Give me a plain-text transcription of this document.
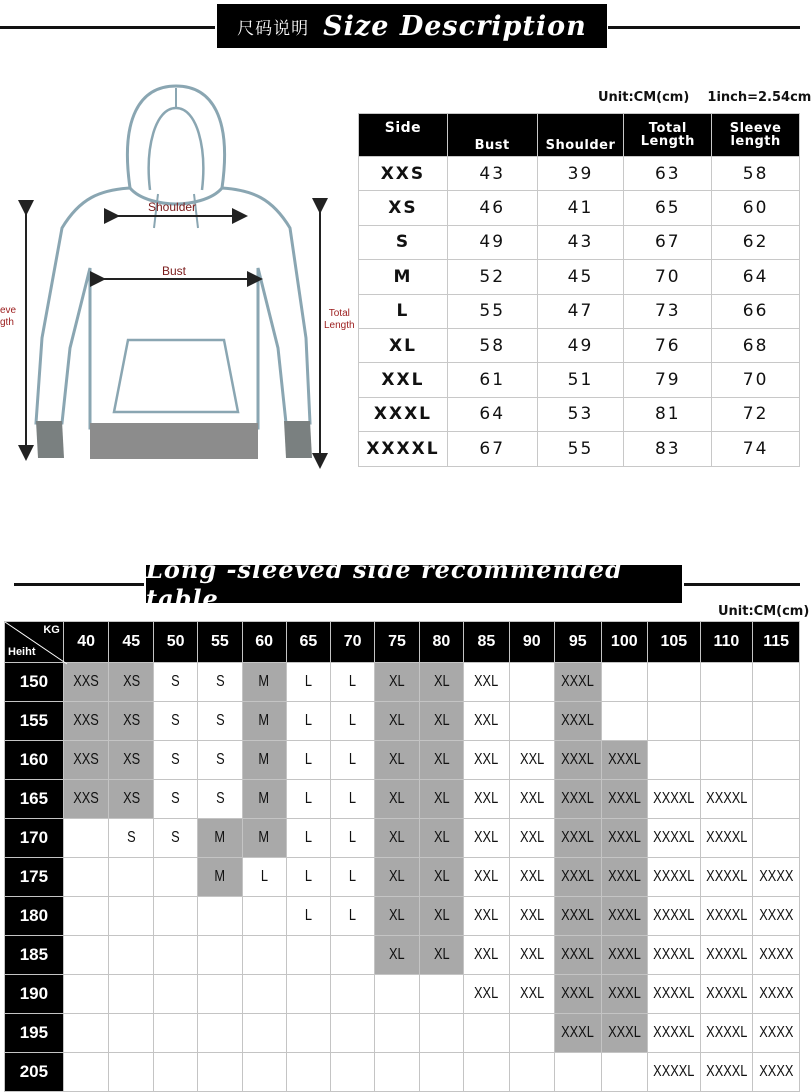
尺码说明 Size Description
Shoulder
Bust
eve
gth
Total
Length
Unit:CM(cm)    1inch=2.54cm
Side	Bust	Shoulder	Total Length	Sleeve length
XXS	43	39	63	58
XS	46	41	65	60
S	49	43	67	62
M	52	45	70	64
L	55	47	73	66
XL	58	49	76	68
XXL	61	51	79	70
XXXL	64	53	81	72
XXXXL	67	55	83	74
Long -sleeved side recommended table	Unit:CM(cm)
KG
Heiht	40	45	50	55	60	65	70	75	80	85	90	95	100	105	110	115
150	XXS	XS	S	S	M	L	L	XL	XL	XXL		XXXL				
155	XXS	XS	S	S	M	L	L	XL	XL	XXL		XXXL				
160	XXS	XS	S	S	M	L	L	XL	XL	XXL	XXL	XXXL	XXXL			
165	XXS	XS	S	S	M	L	L	XL	XL	XXL	XXL	XXXL	XXXL	XXXXL	XXXXL	
170		S	S	M	M	L	L	XL	XL	XXL	XXL	XXXL	XXXL	XXXXL	XXXXL	
175				M	L	L	L	XL	XL	XXL	XXL	XXXL	XXXL	XXXXL	XXXXL	XXXX
180						L	L	XL	XL	XXL	XXL	XXXL	XXXL	XXXXL	XXXXL	XXXX
185								XL	XL	XXL	XXL	XXXL	XXXL	XXXXL	XXXXL	XXXX
190										XXL	XXL	XXXL	XXXL	XXXXL	XXXXL	XXXX
195												XXXL	XXXL	XXXXL	XXXXL	XXXX
205														XXXXL	XXXXL	XXXX
